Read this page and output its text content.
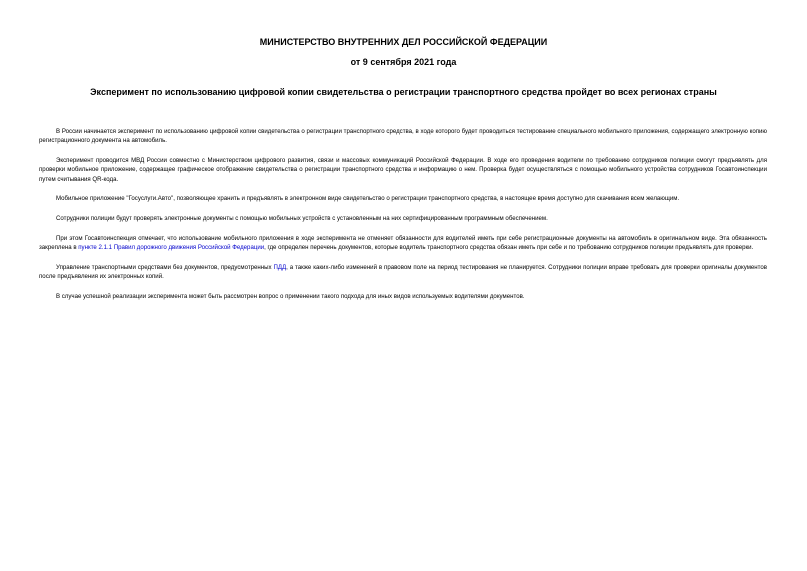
МИНИСТЕРСТВО ВНУТРЕННИХ ДЕЛ РОССИЙСКОЙ ФЕДЕРАЦИИ
от 9 сентября 2021 года
Эксперимент по использованию цифровой копии свидетельства о регистрации транспортного средства пройдет во всех регионах страны

В России начинается эксперимент по использованию цифровой копии свидетельства о регистрации транспортного средства, в ходе которого будет проводиться тестирование специального мобильного приложения, содержащего электронную копию регистрационного документа на автомобиль.

Эксперимент проводится МВД России совместно с Министерством цифрового развития, связи и массовых коммуникаций Российской Федерации. В ходе его проведения водители по требованию сотрудников полиции смогут предъявлять для проверки мобильное приложение, содержащее графическое отображение свидетельства о регистрации транспортного средства и информацию о нем. Проверка будет осуществляться с помощью мобильного устройства сотрудников Госавтоинспекции путем считывания QR-кода.

Мобильное приложение "Госуслуги.Авто", позволяющее хранить и предъявлять в электронном виде свидетельство о регистрации транспортного средства, в настоящее время доступно для скачивания всем желающим.

Сотрудники полиции будут проверять электронные документы с помощью мобильных устройств с установленным на них сертифицированным программным обеспечением.

При этом Госавтоинспекция отмечает, что использование мобильного приложения в ходе эксперимента не отменяет обязанности для водителей иметь при себе регистрационные документы на автомобиль в оригинальном виде. Эта обязанность закреплена в пункте 2.1.1 Правил дорожного движения Российской Федерации, где определен перечень документов, которые водитель транспортного средства обязан иметь при себе и по требованию сотрудников полиции предъявлять для проверки.

Управление транспортными средствами без документов, предусмотренных ПДД, а также каких-либо изменений в правовом поле на период тестирования не планируется. Сотрудники полиции вправе требовать для проверки оригиналы документов после предъявления их электронных копий.

В случае успешной реализации эксперимента может быть рассмотрен вопрос о применении такого подхода для иных видов используемых водителями документов.
